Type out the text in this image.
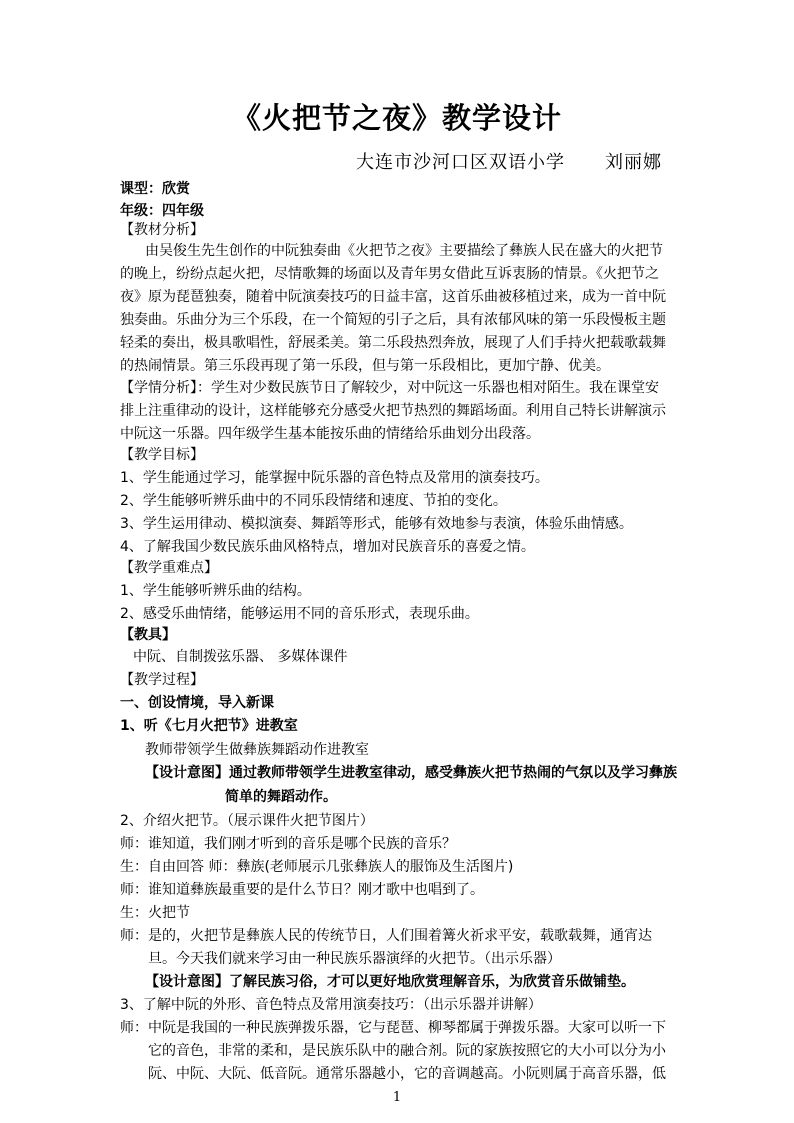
《火把节之夜》教学设计
大连市沙河口区双语小学 刘丽娜
课型：欣赏
年级：四年级
【教材分析】
由吴俊生先生创作的中阮独奏曲《火把节之夜》主要描绘了彝族人民在盛大的火把节
的晚上，纷纷点起火把，尽情歌舞的场面以及青年男女借此互诉衷肠的情景。《火把节之
夜》原为琵琶独奏，随着中阮演奏技巧的日益丰富，这首乐曲被移植过来，成为一首中阮
独奏曲。乐曲分为三个乐段，在一个简短的引子之后，具有浓郁风味的第一乐段慢板主题
轻柔的奏出，极具歌唱性，舒展柔美。第二乐段热烈奔放，展现了人们手持火把载歌载舞
的热闹情景。第三乐段再现了第一乐段，但与第一乐段相比，更加宁静、优美。
【学情分析】：学生对少数民族节日了解较少，对中阮这一乐器也相对陌生。我在课堂安
排上注重律动的设计，这样能够充分感受火把节热烈的舞蹈场面。利用自己特长讲解演示
中阮这一乐器。四年级学生基本能按乐曲的情绪给乐曲划分出段落。
【教学目标】
1、学生能通过学习，能掌握中阮乐器的音色特点及常用的演奏技巧。
2、学生能够听辨乐曲中的不同乐段情绪和速度、节拍的变化。
3、学生运用律动、模拟演奏、舞蹈等形式，能够有效地参与表演，体验乐曲情感。
4、了解我国少数民族乐曲风格特点，增加对民族音乐的喜爱之情。
【教学重难点】
1、学生能够听辨乐曲的结构。
2、感受乐曲情绪，能够运用不同的音乐形式，表现乐曲。
【教具】
中阮、自制拨弦乐器、 多媒体课件
【教学过程】
一、创设情境，导入新课
1、听《七月火把节》进教室
教师带领学生做彝族舞蹈动作进教室
【设计意图】通过教师带领学生进教室律动，感受彝族火把节热闹的气氛以及学习彝族
简单的舞蹈动作。
2、介绍火把节。（展示课件火把节图片）
师：谁知道，我们刚才听到的音乐是哪个民族的音乐？
生：自由回答 师：彝族(老师展示几张彝族人的服饰及生活图片)
师：谁知道彝族最重要的是什么节日？刚才歌中也唱到了。
生：火把节
师：是的，火把节是彝族人民的传统节日，人们围着篝火祈求平安，载歌载舞，通宵达
旦。今天我们就来学习由一种民族乐器演绎的火把节。（出示乐器）
【设计意图】了解民族习俗，才可以更好地欣赏理解音乐，为欣赏音乐做铺垫。
3、了解中阮的外形、音色特点及常用演奏技巧：（出示乐器并讲解）
师：中阮是我国的一种民族弹拨乐器，它与琵琶、柳琴都属于弹拨乐器。大家可以听一下
它的音色，非常的柔和，是民族乐队中的融合剂。阮的家族按照它的大小可以分为小
阮、中阮、大阮、低音阮。通常乐器越小，它的音调越高。小阮则属于高音乐器，低
1
